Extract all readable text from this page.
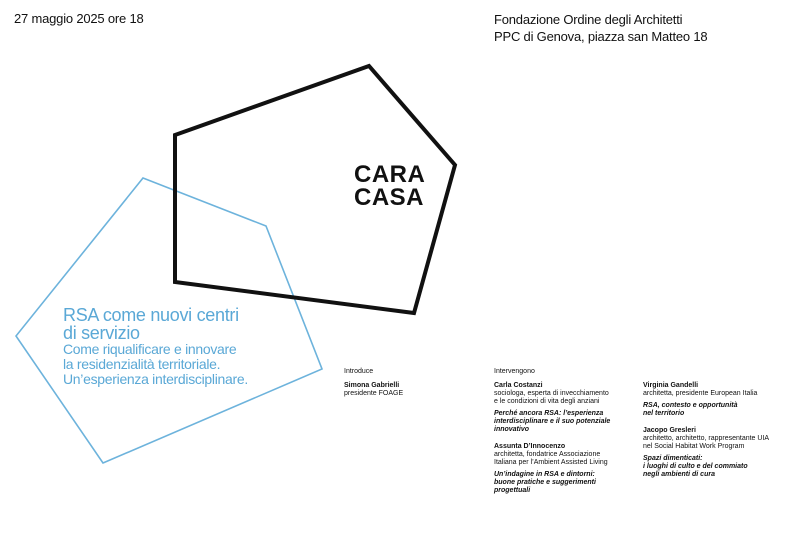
27 maggio 2025 ore 18	Fondazione Ordine degli Architetti
PPC di Genova, piazza san Matteo 18
CARA
CASA
RSA come nuovi centri
di servizio
Come riqualificare e innovare
la residenzialità territoriale.
Un’esperienza interdisciplinare.	Introduce
Simona Gabrielli
presidente FOAGE
Intervengono
Carla Costanzi
sociologa, esperta di invecchiamento
e le condizioni di vita degli anziani
Perché ancora RSA: l’esperienza
interdisciplinare e il suo potenziale
innovativo
Assunta D’Innocenzo
architetta, fondatrice Associazione
Italiana per l’Ambient Assisted Living
Un’indagine in RSA e dintorni:
buone pratiche e suggerimenti
progettuali
Virginia Gandelli
architetta, presidente European Italia
RSA, contesto e opportunità
nel territorio
Jacopo Gresleri
architetto, architetto, rappresentante UIA
nel Social Habitat Work Program
Spazi dimenticati:
i luoghi di culto e del commiato
negli ambienti di cura
